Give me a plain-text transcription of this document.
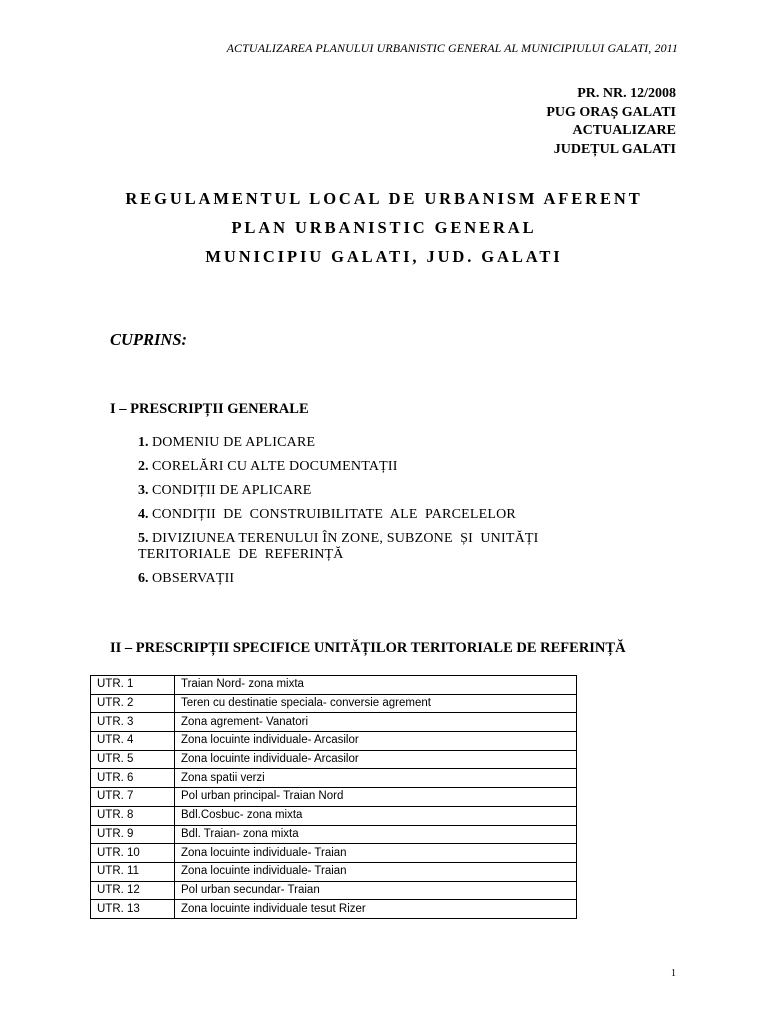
ACTUALIZAREA PLANULUI URBANISTIC GENERAL AL MUNICIPIULUI GALATI, 2011
PR. NR. 12/2008
PUG ORAȘ GALATI
ACTUALIZARE
JUDEȚUL GALATI
REGULAMENTUL LOCAL DE URBANISM AFERENT
PLAN URBANISTIC GENERAL
MUNICIPIU GALATI, JUD. GALATI
CUPRINS:
I – PRESCRIPȚII GENERALE
1. DOMENIU DE APLICARE
2. CORELĂRI CU ALTE DOCUMENTAȚII
3. CONDIȚII DE APLICARE
4. CONDIȚII  DE  CONSTRUIBILITATE  ALE  PARCELELOR
5. DIVIZIUNEA TERENULUI ÎN ZONE, SUBZONE  ȘI  UNITĂȚI
TERITORIALE  DE  REFERINȚĂ
6. OBSERVAȚII
II – PRESCRIPȚII SPECIFICE UNITĂȚILOR TERITORIALE DE REFERINȚĂ
UTR. 1	Traian Nord- zona mixta
UTR. 2	Teren cu destinatie speciala- conversie agrement
UTR. 3	Zona agrement- Vanatori
UTR. 4	Zona locuinte individuale- Arcasilor
UTR. 5	Zona locuinte individuale- Arcasilor
UTR. 6	Zona spatii verzi
UTR. 7	Pol urban principal- Traian Nord
UTR. 8	Bdl.Cosbuc- zona mixta
UTR. 9	Bdl. Traian- zona mixta
UTR. 10	Zona locuinte individuale- Traian
UTR. 11	Zona locuinte individuale- Traian
UTR. 12	Pol urban secundar- Traian
UTR. 13	Zona locuinte individuale tesut Rizer
1
